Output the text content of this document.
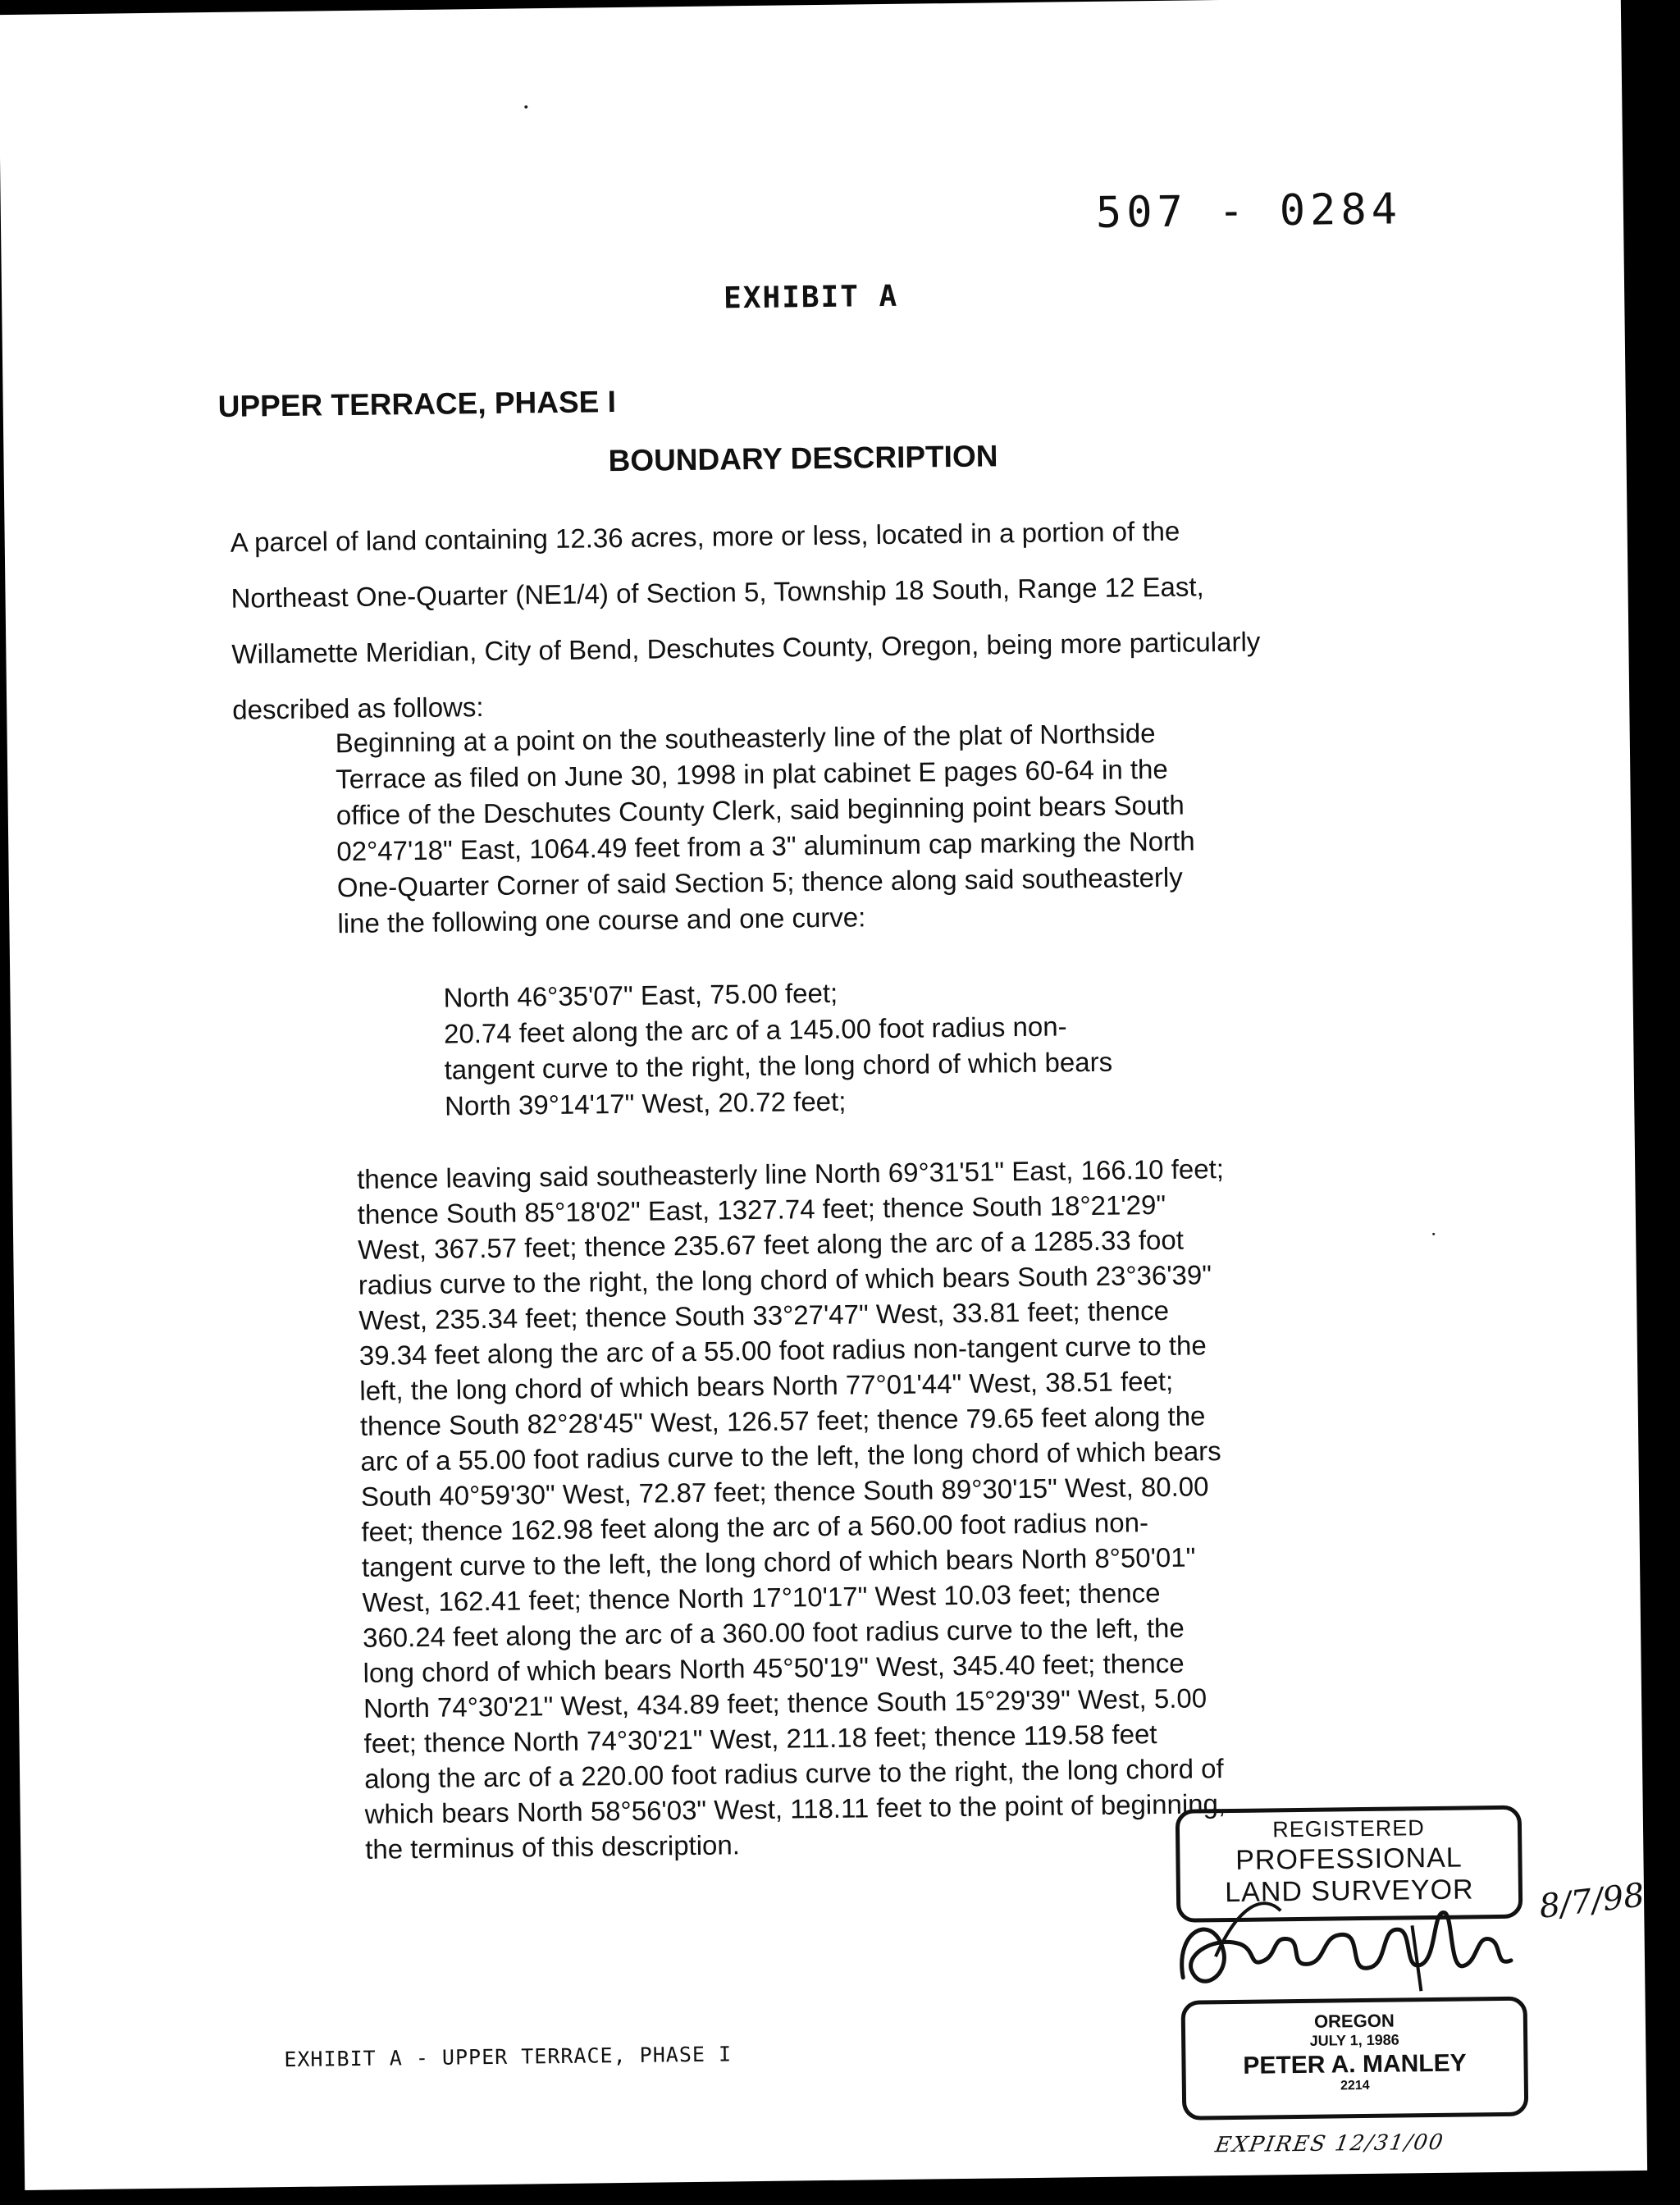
507 - 0284
EXHIBIT A
UPPER TERRACE, PHASE I
BOUNDARY DESCRIPTION
A parcel of land containing 12.36 acres, more or less, located in a portion of the
Northeast One-Quarter (NE1/4) of Section 5, Township 18 South, Range 12 East,
Willamette Meridian, City of Bend, Deschutes County, Oregon, being more particularly
described as follows:
Beginning at a point on the southeasterly line of the plat of Northside
Terrace as filed on June 30, 1998 in plat cabinet E pages 60-64 in the
office of the Deschutes County Clerk, said beginning point bears South
02°47'18" East, 1064.49 feet from a 3" aluminum cap marking the North
One-Quarter Corner of said Section 5; thence along said southeasterly
line the following one course and one curve:
North 46°35'07" East, 75.00 feet;
20.74 feet along the arc of a 145.00 foot radius non-
tangent curve to the right, the long chord of which bears
North 39°14'17" West, 20.72 feet;
thence leaving said southeasterly line North 69°31'51" East, 166.10 feet;
thence South 85°18'02" East, 1327.74 feet; thence South 18°21'29"
West, 367.57 feet; thence 235.67 feet along the arc of a 1285.33 foot
radius curve to the right, the long chord of which bears South 23°36'39"
West, 235.34 feet; thence South 33°27'47" West, 33.81 feet; thence
39.34 feet along the arc of a 55.00 foot radius non-tangent curve to the
left, the long chord of which bears North 77°01'44" West, 38.51 feet;
thence South 82°28'45" West, 126.57 feet; thence 79.65 feet along the
arc of a 55.00 foot radius curve to the left, the long chord of which bears
South 40°59'30" West, 72.87 feet; thence South 89°30'15" West, 80.00
feet; thence 162.98 feet along the arc of a 560.00 foot radius non-
tangent curve to the left, the long chord of which bears North 8°50'01"
West, 162.41 feet; thence North 17°10'17" West 10.03 feet; thence
360.24 feet along the arc of a 360.00 foot radius curve to the left, the
long chord of which bears North 45°50'19" West, 345.40 feet; thence
North 74°30'21" West, 434.89 feet; thence South 15°29'39" West, 5.00
feet; thence North 74°30'21" West, 211.18 feet; thence 119.58 feet
along the arc of a 220.00 foot radius curve to the right, the long chord of
which bears North 58°56'03" West, 118.11 feet to the point of beginning,
the terminus of this description.
REGISTERED
PROFESSIONAL
LAND SURVEYOR
OREGON
JULY 1, 1986
PETER A. MANLEY
2214
8/7/98
EXPIRES 12/31/00
EXHIBIT A - UPPER TERRACE, PHASE I
